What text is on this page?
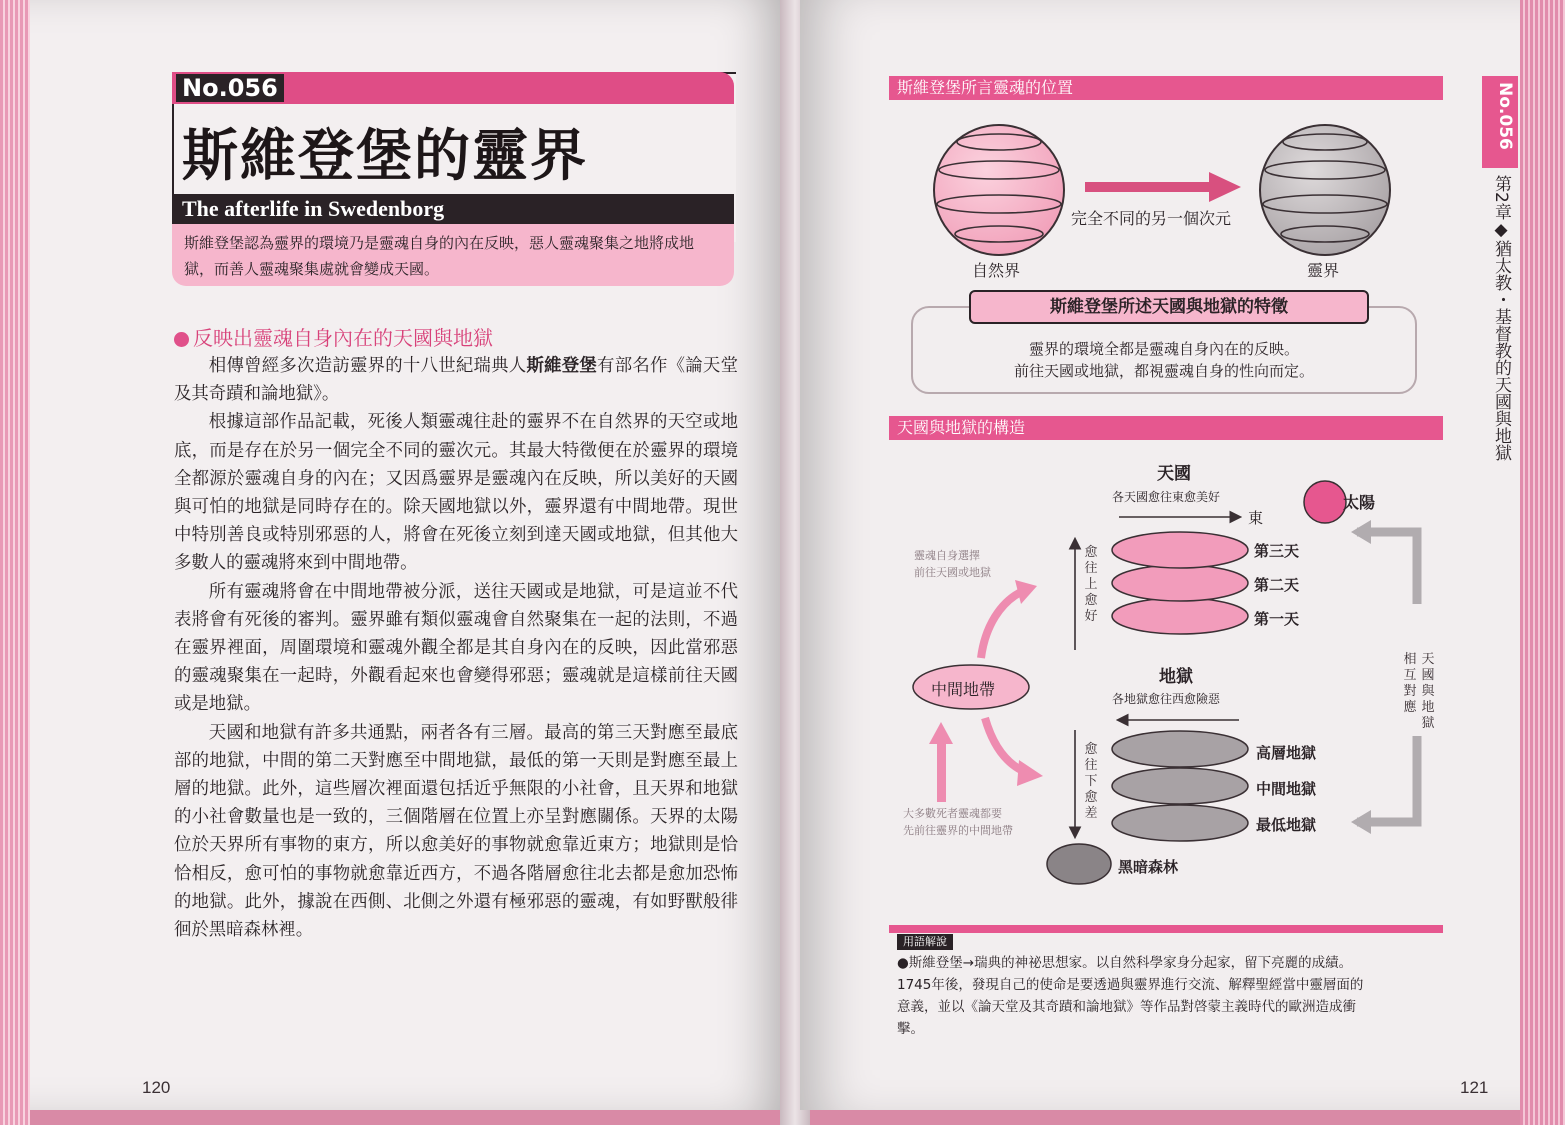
No.056
斯維登堡的靈界
The afterlife in Swedenborg
斯維登堡認為靈界的環境乃是靈魂自身的內在反映，惡人靈魂聚集之地將成地獄，而善人靈魂聚集處就會變成天國。
反映出靈魂自身內在的天國與地獄

相傳曾經多次造訪靈界的十八世紀瑞典人斯維登堡有部名作《論天堂及其奇蹟和論地獄》。

根據這部作品記載，死後人類靈魂往赴的靈界不在自然界的天空或地底，而是存在於另一個完全不同的靈次元。其最大特徵便在於靈界的環境全都源於靈魂自身的內在；又因爲靈界是靈魂內在反映，所以美好的天國與可怕的地獄是同時存在的。除天國地獄以外，靈界還有中間地帶。現世中特別善良或特別邪惡的人，將會在死後立刻到達天國或地獄，但其他大多數人的靈魂將來到中間地帶。

所有靈魂將會在中間地帶被分派，送往天國或是地獄，可是這並不代表將會有死後的審判。靈界雖有類似靈魂會自然聚集在一起的法則，不過在靈界裡面，周圍環境和靈魂外觀全都是其自身內在的反映，因此當邪惡的靈魂聚集在一起時，外觀看起來也會變得邪惡；靈魂就是這樣前往天國或是地獄。

天國和地獄有許多共通點，兩者各有三層。最高的第三天對應至最底部的地獄，中間的第二天對應至中間地獄，最低的第一天則是對應至最上層的地獄。此外，這些層次裡面還包括近乎無限的小社會，且天界和地獄的小社會數量也是一致的，三個階層在位置上亦呈對應關係。天界的太陽位於天界所有事物的東方，所以愈美好的事物就愈靠近東方；地獄則是恰恰相反，愈可怕的事物就愈靠近西方，不過各階層愈往北去都是愈加恐怖的地獄。此外，據說在西側、北側之外還有極邪惡的靈魂，有如野獸般徘徊於黑暗森林裡。

120
斯維登堡所言靈魂的位置
完全不同的另一個次元
自然界	靈界
斯維登堡所述天國與地獄的特徵
靈界的環境全都是靈魂自身內在的反映。
前往天國或地獄，都視靈魂自身的性向而定。
天國與地獄的構造
天國
各天國愈往東愈美好
東
太陽
第三天
第二天
第一天
愈往上愈好
靈魂自身選擇
前往天國或地獄
中間地帶
地獄
各地獄愈往西愈險惡
高層地獄
中間地獄
最低地獄
愈往下愈差
大多數死者靈魂都要
先前往靈界的中間地帶
天國與地獄
相互對應
黑暗森林
用語解說
●斯維登堡→瑞典的神祕思想家。以自然科學家身分起家，留下亮麗的成績。
1745年後，發現自己的使命是要透過與靈界進行交流、解釋聖經當中靈層面的
意義，並以《論天堂及其奇蹟和論地獄》等作品對啓蒙主義時代的歐洲造成衝
擊。
121
No.056
第2章◆猶太教・基督教的天國與地獄
